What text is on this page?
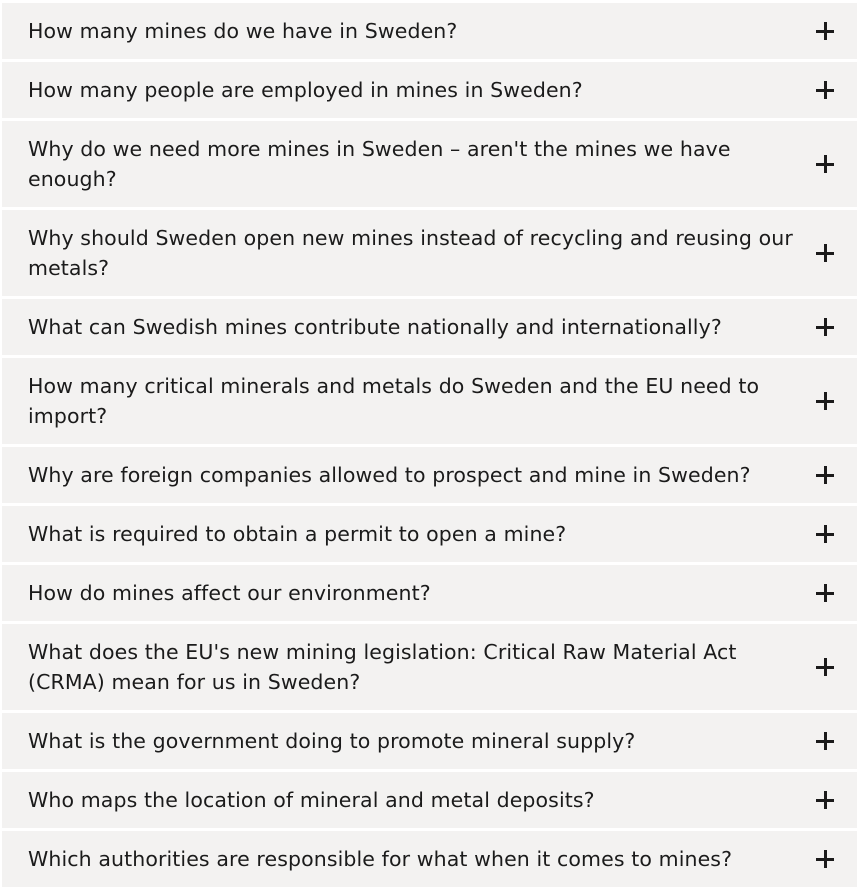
How many mines do we have in Sweden?
How many people are employed in mines in Sweden?
Why do we need more mines in Sweden – aren't the mines we have enough?
Why should Sweden open new mines instead of recycling and reusing our metals?
What can Swedish mines contribute nationally and internationally?
How many critical minerals and metals do Sweden and the EU need to import?
Why are foreign companies allowed to prospect and mine in Sweden?
What is required to obtain a permit to open a mine?
How do mines affect our environment?
What does the EU's new mining legislation: Critical Raw Material Act (CRMA) mean for us in Sweden?
What is the government doing to promote mineral supply?
Who maps the location of mineral and metal deposits?
Which authorities are responsible for what when it comes to mines?
